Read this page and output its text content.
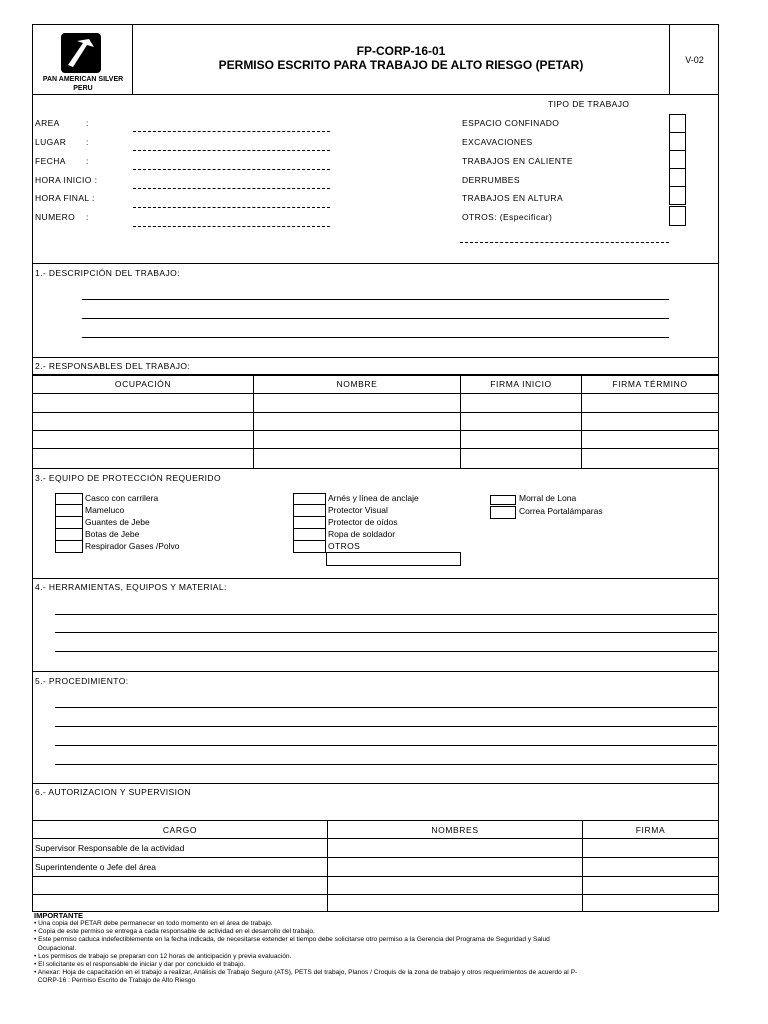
PAN AMERICAN SILVER
PERU
FP-CORP-16-01
PERMISO ESCRITO PARA TRABAJO DE ALTO RIESGO (PETAR)	V-02
AREA
LUGAR
FECHA
HORA INICIO :
HORA FINAL :
NUMERO
:
:
:
:
TIPO DE TRABAJO
ESPACIO CONFINADO
EXCAVACIONES
TRABAJOS EN CALIENTE
DERRUMBES
TRABAJOS EN ALTURA
OTROS: (Especificar)
1.- DESCRIPCIÓN DEL TRABAJO:
2.- RESPONSABLES DEL TRABAJO:
OCUPACIÓN	NOMBRE	FIRMA INICIO	FIRMA TÉRMINO
3.- EQUIPO DE PROTECCIÓN REQUERIDO
Casco con carrilera
Mameluco
Guantes de Jebe
Botas de Jebe
Respirador Gases /Polvo
Arnés y línea de anclaje
Protector Visual
Protector de oídos
Ropa de soldador
OTROS
Morral de Lona
Correa Portalámparas
4.- HERRAMIENTAS, EQUIPOS Y MATERIAL:
5.- PROCEDIMIENTO:
6.- AUTORIZACION Y SUPERVISION
CARGO	NOMBRES	FIRMA
Supervisor Responsable de la actividad
Superintendente o Jefe del área
IMPORTANTE
• Una copia del PETAR debe permanecer en todo momento en el área de trabajo.
• Copia de este permiso se entrega a cada responsable de actividad en el desarrollo del trabajo.
• Este permiso caduca indefectiblemente en la fecha indicada, de necesitarse extender el tiempo debe solicitarse otro permiso a la Gerencia del Programa de Seguridad y Salud
Ocupacional.
• Los permisos de trabajo se preparan con 12 horas de anticipación y previa evaluación.
• El solicitante es el responsable de iniciar y dar por concluido el trabajo.
• Anexar: Hoja de capacitación en el trabajo a realizar, Análisis de Trabajo Seguro (ATS), PETS del trabajo, Planos / Croquis de la zona de trabajo y otros requerimientos de acuerdo al P-
CORP-16 : Permiso Escrito de Trabajo de Alto Riesgo
